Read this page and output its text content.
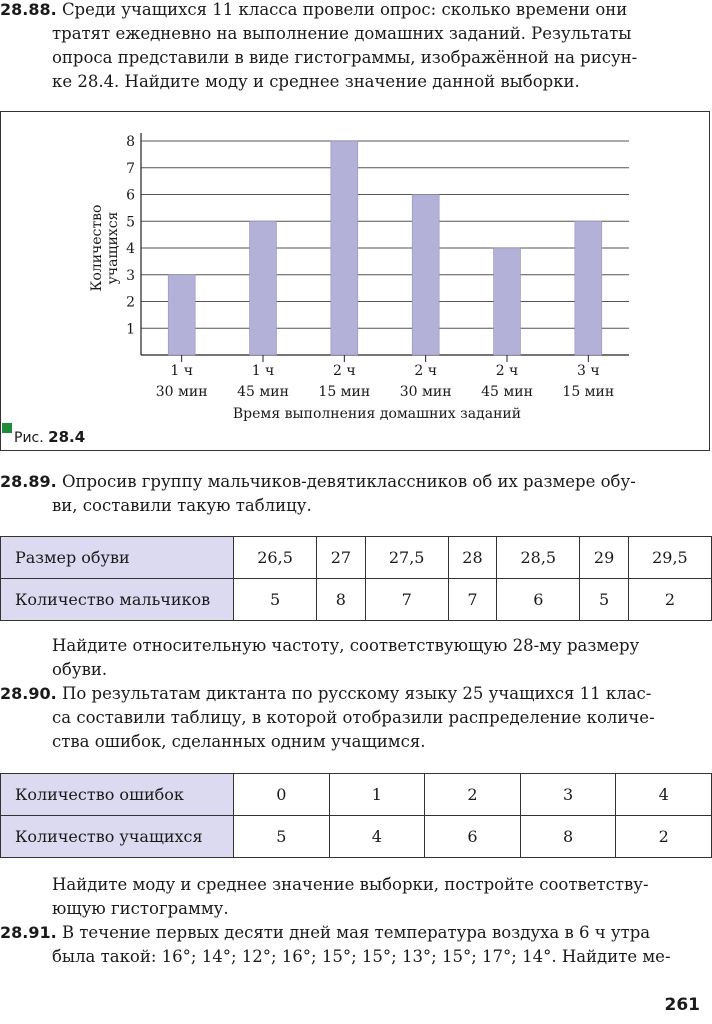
28.88. Среди учащихся 11 класса провели опрос: сколько времени они
тратят ежедневно на выполнение домашних заданий. Результаты
опроса представили в виде гистограммы, изображённой на рисун-
ке 28.4. Найдите моду и среднее значение данной выборки.
1
2
3
4
5
6
7
8
1 ч
30 мин
1 ч
45 мин
2 ч
15 мин
2 ч
30 мин
2 ч
45 мин
3 ч
15 мин
Время выполнения домашних заданий
Количество учащихся
Рис. 28.4
28.89. Опросив группу мальчиков-девятиклассников об их размере обу-
ви, составили такую таблицу.
Размер обуви	26,5	27	27,5	28	28,5	29	29,5
Количество мальчиков	5	8	7	7	6	5	2
Найдите относительную частоту, соответствующую 28-му размеру
обуви.
28.90. По результатам диктанта по русскому языку 25 учащихся 11 клас-
са составили таблицу, в которой отобразили распределение количе-
ства ошибок, сделанных одним учащимся.
Количество ошибок	0	1	2	3	4
Количество учащихся	5	4	6	8	2
Найдите моду и среднее значение выборки, постройте соответству-
ющую гистограмму.
28.91. В течение первых десяти дней мая температура воздуха в 6 ч утра
была такой: 16°; 14°; 12°; 16°; 15°; 15°; 13°; 15°; 17°; 14°. Найдите ме-
261
